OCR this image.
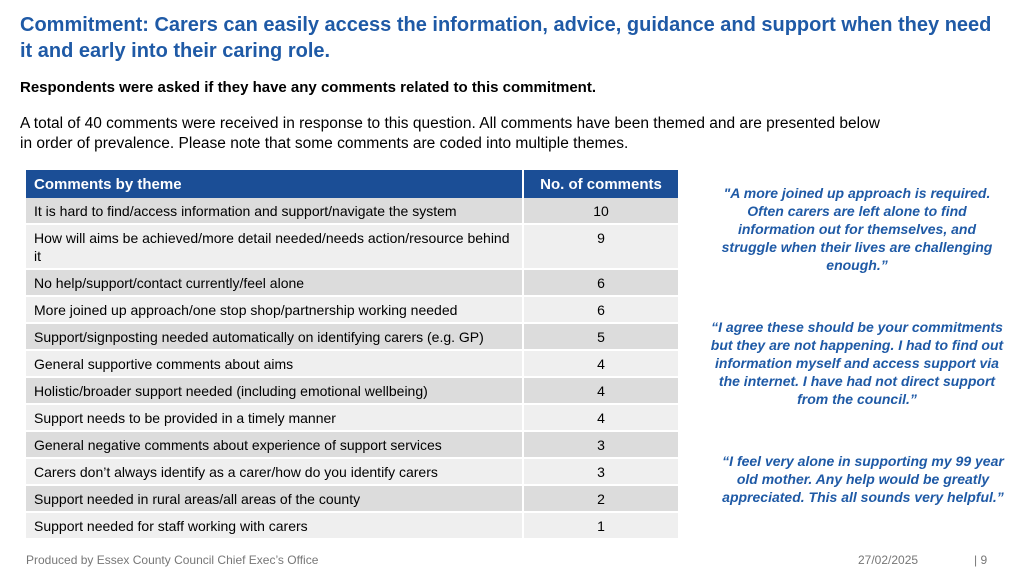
Commitment: Carers can easily access the information, advice, guidance and support when they need it and early into their caring role.

Respondents were asked if they have any comments related to this commitment.

A total of 40 comments were received in response to this question. All comments have been themed and are presented below in order of prevalence. Please note that some comments are coded into multiple themes.

Comments by theme	No. of comments
It is hard to find/access information and support/navigate the system	10
How will aims be achieved/more detail needed/needs action/resource behind it	9
No help/support/contact currently/feel alone	6
More joined up approach/one stop shop/partnership working needed	6
Support/signposting needed automatically on identifying carers (e.g. GP)	5
General supportive comments about aims	4
Holistic/broader support needed (including emotional wellbeing)	4
Support needs to be provided in a timely manner	4
General negative comments about experience of support services	3
Carers don’t always identify as a carer/how do you identify carers	3
Support needed in rural areas/all areas of the county	2
Support needed for staff working with carers	1

"A more joined up approach is required. Often carers are left alone to find information out for themselves, and struggle when their lives are challenging enough.”

“I agree these should be your commitments but they are not happening. I had to find out information myself and access support via the internet. I have had not direct support from the council.”

“I feel very alone in supporting my 99 year old mother. Any help would be greatly appreciated. This all sounds very helpful.”

Produced by Essex County Council Chief Exec’s Office	27/02/2025	| 9
